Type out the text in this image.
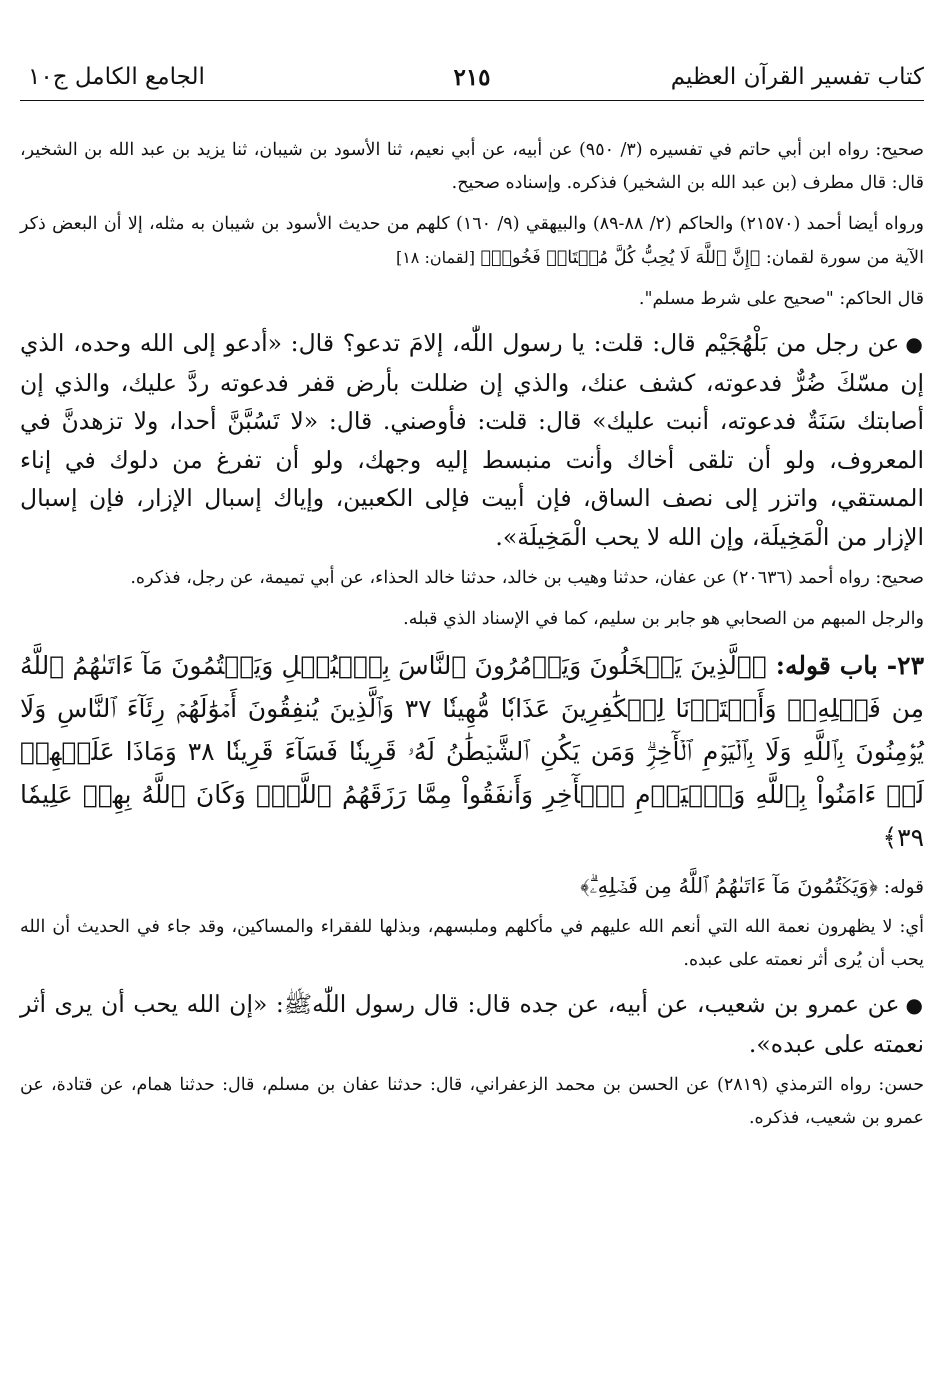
كتاب تفسير القرآن العظيم
٢١٥
الجامع الكامل ج١٠

صحيح: رواه ابن أبي حاتم في تفسيره (٣/ ٩٥٠) عن أبيه، عن أبي نعيم، ثنا الأسود بن شيبان، ثنا يزيد بن عبد الله بن الشخير، قال: قال مطرف (بن عبد الله بن الشخير) فذكره. وإسناده صحيح.

ورواه أيضا أحمد (٢١٥٧٠) والحاكم (٢/ ٨٨-٨٩) والبيهقي (٩/ ١٦٠) كلهم من حديث الأسود بن شيبان به مثله، إلا أن البعض ذكر الآية من سورة لقمان: ﴿إِنَّ ٱللَّهَ لَا يُحِبُّ كُلَّ مُخۡتَالٖ فَخُورٖ﴾ [لقمان: ١٨]

قال الحاكم: "صحيح على شرط مسلم".

●عن رجل من بَلْهُجَيْم قال: قلت: يا رسول اللّٰه، إلامَ تدعو؟ قال: «أدعو إلى الله وحده، الذي إن مسّكَ ضُرٌّ فدعوته، كشف عنك، والذي إن ضللت بأرض قفر فدعوته ردَّ عليك، والذي إن أصابتك سَنَةٌ فدعوته، أنبت عليك» قال: قلت: فأوصني. قال: «لا تَسُبَّنَّ أحدا، ولا تزهدنَّ في المعروف، ولو أن تلقى أخاك وأنت منبسط إليه وجهك، ولو أن تفرغ من دلوك في إناء المستقي، واتزر إلى نصف الساق، فإن أبيت فإلى الكعبين، وإياك إسبال الإزار، فإن إسبال الإزار من الْمَخِيلَة، وإن الله لا يحب الْمَخِيلَة».

صحيح: رواه أحمد (٢٠٦٣٦) عن عفان، حدثنا وهيب بن خالد، حدثنا خالد الحذاء، عن أبي تميمة، عن رجل، فذكره.

والرجل المبهم من الصحابي هو جابر بن سليم، كما في الإسناد الذي قبله.

٢٣- باب قوله: ﴿ٱلَّذِينَ يَبۡخَلُونَ وَيَأۡمُرُونَ ٱلنَّاسَ بِٱلۡبُخۡلِ وَيَكۡتُمُونَ مَآ ءَاتَىٰهُمُ ٱللَّهُ مِن فَضۡلِهِۦۗ وَأَعۡتَدۡنَا لِلۡكَٰفِرِينَ عَذَابٗا مُّهِينٗا ٣٧ وَٱلَّذِينَ يُنفِقُونَ أَمۡوَٰلَهُمۡ رِئَآءَ ٱلنَّاسِ وَلَا يُؤۡمِنُونَ بِٱللَّهِ وَلَا بِٱلۡيَوۡمِ ٱلۡأٓخِرِۗ وَمَن يَكُنِ ٱلشَّيۡطَٰنُ لَهُۥ قَرِينٗا فَسَآءَ قَرِينٗا ٣٨ وَمَاذَا عَلَيۡهِمۡ لَوۡ ءَامَنُواْ بِٱللَّهِ وَٱلۡيَوۡمِ ٱلۡأٓخِرِ وَأَنفَقُواْ مِمَّا رَزَقَهُمُ ٱللَّهُۚ وَكَانَ ٱللَّهُ بِهِمۡ عَلِيمٗا ٣٩﴾

قوله: ﴿وَيَكۡتُمُونَ مَآ ءَاتَىٰهُمُ ٱللَّهُ مِن فَضۡلِهِۦۗ﴾

أي: لا يظهرون نعمة الله التي أنعم الله عليهم في مأكلهم وملبسهم، وبذلها للفقراء والمساكين، وقد جاء في الحديث أن الله يحب أن يُرى أثر نعمته على عبده.

●عن عمرو بن شعيب، عن أبيه، عن جده قال: قال رسول اللّٰهﷺ: «إن الله يحب أن يرى أثر نعمته على عبده».

حسن: رواه الترمذي (٢٨١٩) عن الحسن بن محمد الزعفراني، قال: حدثنا عفان بن مسلم، قال: حدثنا همام، عن قتادة، عن عمرو بن شعيب، فذكره.
